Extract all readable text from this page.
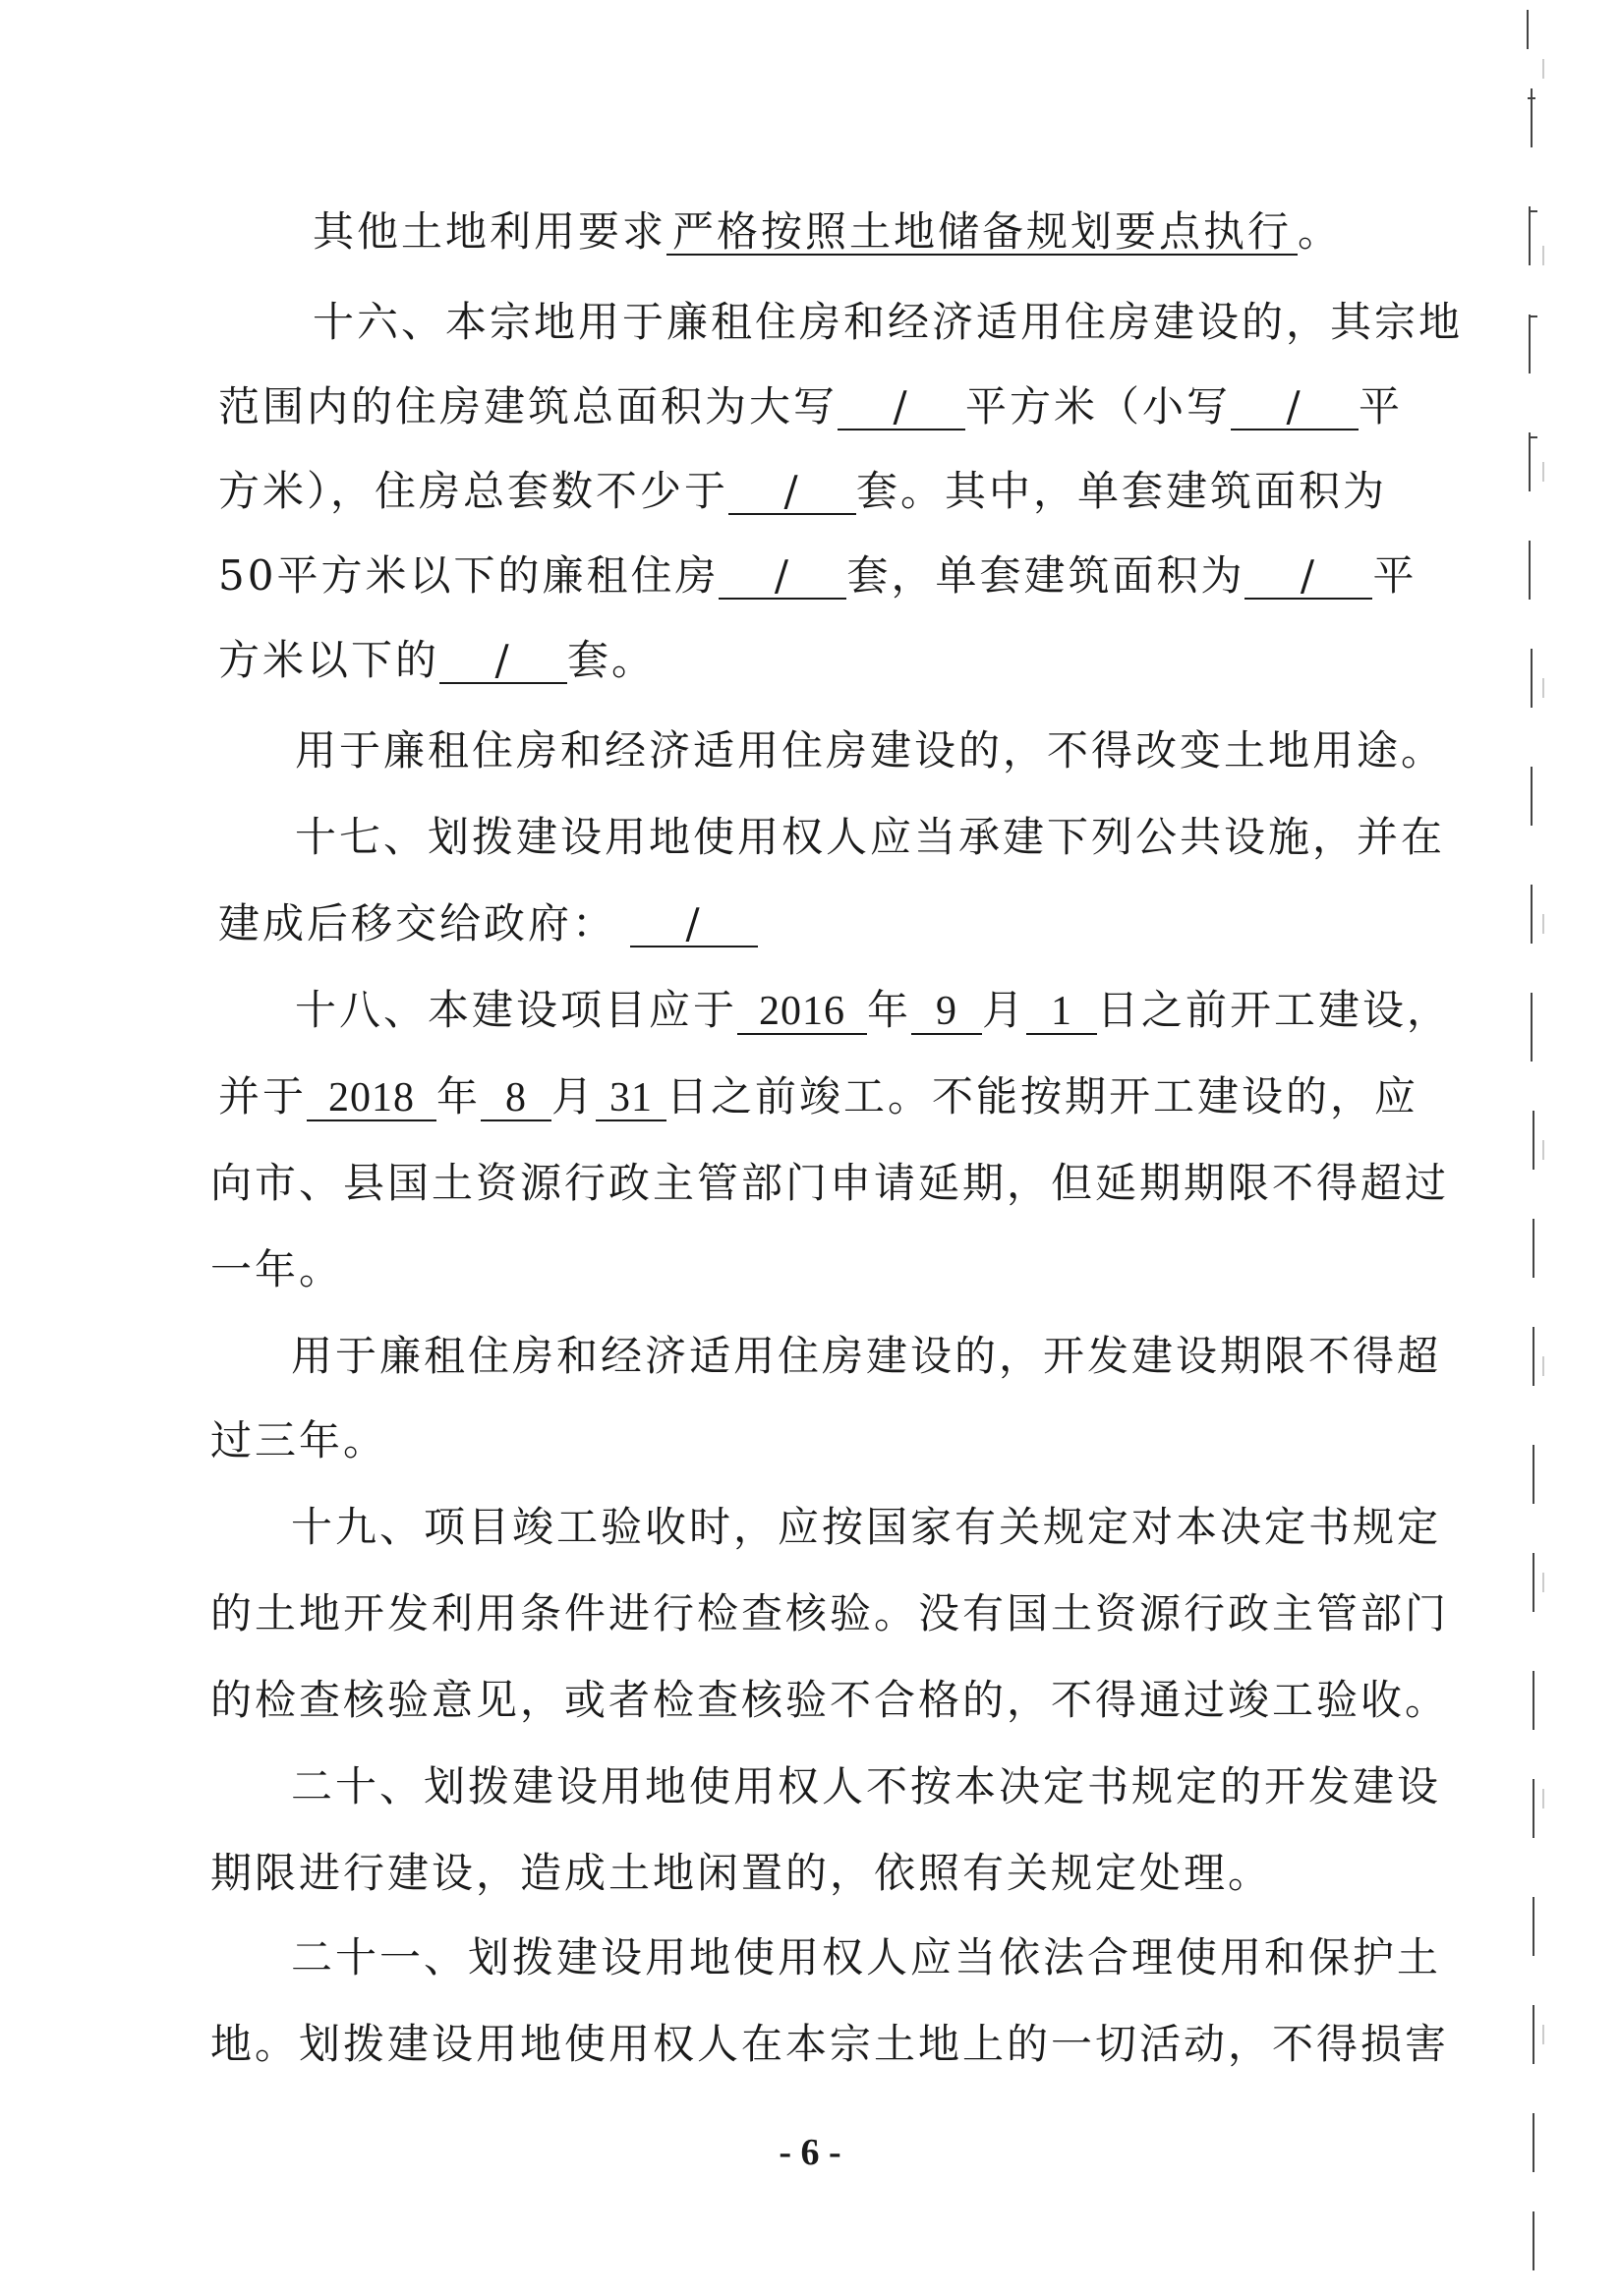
其他土地利用要求 严格按照土地储备规划要点执行 。
十六、本宗地用于廉租住房和经济适用住房建设的，其宗地
范围内的住房建筑总面积为大写 / 平方米（小写 / 平
方米），住房总套数不少于 / 套。其中，单套建筑面积为
50平方米以下的廉租住房 / 套，单套建筑面积为 / 平
方米以下的 / 套。
用于廉租住房和经济适用住房建设的，不得改变土地用途。
十七、划拨建设用地使用权人应当承建下列公共设施，并在
建成后移交给政府： /
十八、本建设项目应于 2016 年 9 月 1 日之前开工建设，
并于 2018 年 8 月 31 日之前竣工。不能按期开工建设的，应
向市、县国土资源行政主管部门申请延期，但延期期限不得超过
一年。
用于廉租住房和经济适用住房建设的，开发建设期限不得超
过三年。
十九、项目竣工验收时，应按国家有关规定对本决定书规定
的土地开发利用条件进行检查核验。没有国土资源行政主管部门
的检查核验意见，或者检查核验不合格的，不得通过竣工验收。
二十、划拨建设用地使用权人不按本决定书规定的开发建设
期限进行建设，造成土地闲置的，依照有关规定处理。
二十一、划拨建设用地使用权人应当依法合理使用和保护土
地。划拨建设用地使用权人在本宗土地上的一切活动，不得损害
- 6 -
